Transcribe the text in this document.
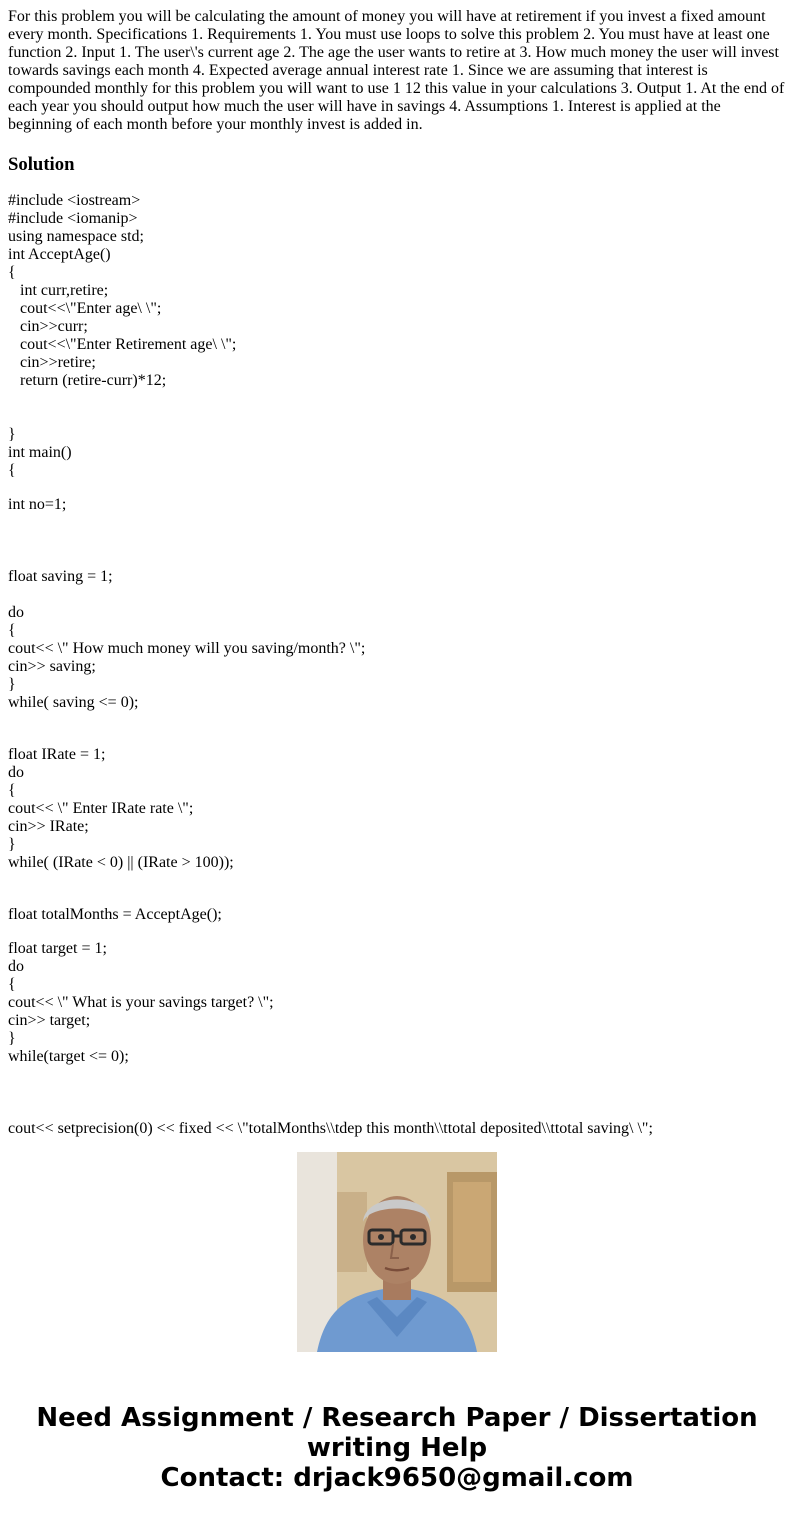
For this problem you will be calculating the amount of money you will have at retirement if you invest a fixed amount every month. Specifications 1. Requirements 1. You must use loops to solve this problem 2. You must have at least one function 2. Input 1. The user\'s current age 2. The age the user wants to retire at 3. How much money the user will invest towards savings each month 4. Expected average annual interest rate 1. Since we are assuming that interest is compounded monthly for this problem you will want to use 1 12 this value in your calculations 3. Output 1. At the end of each year you should output how much the user will have in savings 4. Assumptions 1. Interest is applied at the beginning of each month before your monthly invest is added in.

Solution
#include <iostream>
#include <iomanip>
using namespace std;
int AcceptAge()
{
int curr,retire;
cout<<\"Enter age\ \";
cin>>curr;
cout<<\"Enter Retirement age\ \";
cin>>retire;
return (retire-curr)*12;
}
int main()
{
int no=1;
float saving = 1;
do
{
cout<< \" How much money will you saving/month? \";
cin>> saving;
}
while( saving <= 0);
float IRate = 1;
do
{
cout<< \" Enter IRate rate \";
cin>> IRate;
}
while( (IRate < 0) || (IRate > 100));
float totalMonths = AcceptAge();
float target = 1;
do
{
cout<< \" What is your savings target? \";
cin>> target;
}
while(target <= 0);
cout<< setprecision(0) << fixed << \"totalMonths\\tdep this month\\ttotal deposited\\ttotal saving\ \";
Need Assignment / Research Paper / Dissertation
writing Help
Contact: drjack9650@gmail.com
